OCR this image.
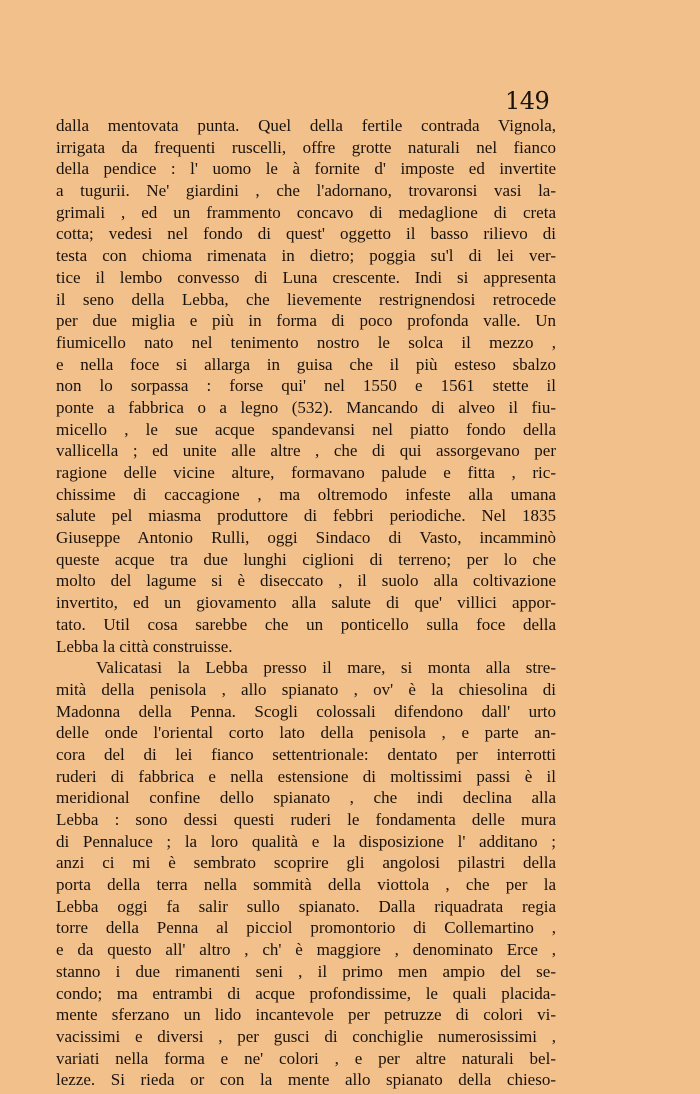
149
dalla mentovata punta. Quel della fertile contrada Vignola,
irrigata da frequenti ruscelli, offre grotte naturali nel fianco
della pendice : l' uomo le à fornite d' imposte ed invertite
a tugurii. Ne' giardini , che l'adornano, trovaronsi vasi la-
grimali , ed un frammento concavo di medaglione di creta
cotta; vedesi nel fondo di quest' oggetto il basso rilievo di
testa con chioma rimenata in dietro; poggia su'l di lei ver-
tice il lembo convesso di Luna crescente. Indi si appresenta
il seno della Lebba, che lievemente restrignendosi retrocede
per due miglia e più in forma di poco profonda valle. Un
fiumicello nato nel tenimento nostro le solca il mezzo ,
e nella foce si allarga in guisa che il più esteso sbalzo
non lo sorpassa : forse qui' nel 1550 e 1561 stette il
ponte a fabbrica o a legno (532). Mancando di alveo il fiu-
micello , le sue acque spandevansi nel piatto fondo della
vallicella ; ed unite alle altre , che di qui assorgevano per
ragione delle vicine alture, formavano palude e fitta , ric-
chissime di caccagione , ma oltremodo infeste alla umana
salute pel miasma produttore di febbri periodiche. Nel 1835
Giuseppe Antonio Rulli, oggi Sindaco di Vasto, incamminò
queste acque tra due lunghi ciglioni di terreno; per lo che
molto del lagume si è diseccato , il suolo alla coltivazione
invertito, ed un giovamento alla salute di que' villici appor-
tato. Util cosa sarebbe che un ponticello sulla foce della
Lebba la città construisse.
Valicatasi la Lebba presso il mare, si monta alla stre-
mità della penisola , allo spianato , ov' è la chiesolina di
Madonna della Penna. Scogli colossali difendono dall' urto
delle onde l'oriental corto lato della penisola , e parte an-
cora del di lei fianco settentrionale: dentato per interrotti
ruderi di fabbrica e nella estensione di moltissimi passi è il
meridional confine dello spianato , che indi declina alla
Lebba : sono dessi questi ruderi le fondamenta delle mura
di Pennaluce ; la loro qualità e la disposizione l' additano ;
anzi ci mi è sembrato scoprire gli angolosi pilastri della
porta della terra nella sommità della viottola , che per la
Lebba oggi fa salir sullo spianato. Dalla riquadrata regia
torre della Penna al picciol promontorio di Collemartino ,
e da questo all' altro , ch' è maggiore , denominato Erce ,
stanno i due rimanenti seni , il primo men ampio del se-
condo; ma entrambi di acque profondissime, le quali placida-
mente sferzano un lido incantevole per petruzze di colori vi-
vacissimi e diversi , per gusci di conchiglie numerosissimi ,
variati nella forma e ne' colori , e per altre naturali bel-
lezze. Si rieda or con la mente allo spianato della chieso-
